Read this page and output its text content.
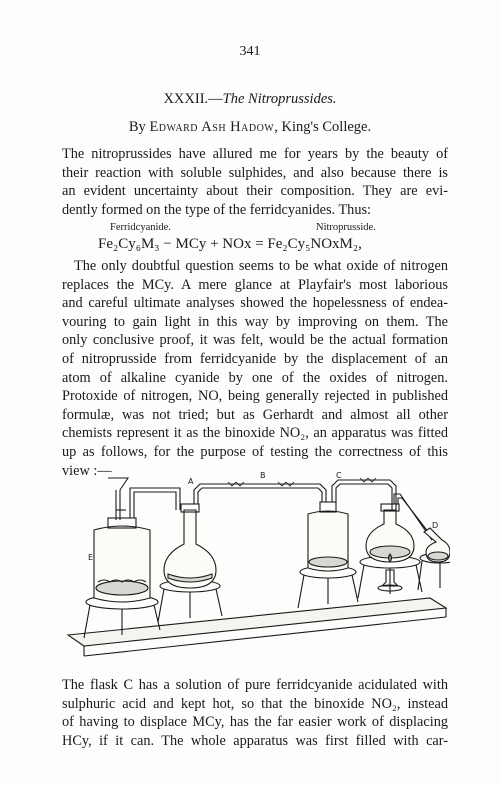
341
XXXII.—The Nitroprussides.
By Edward Ash Hadow, King's College.
The nitroprussides have allured me for years by the beauty of
their reaction with soluble sulphides, and also because there is
an evident uncertainty about their composition. They are evi-
dently formed on the type of the ferridcyanides. Thus:
Ferridcyanide.	Nitroprusside.
Fe₂Cy₆M₃ − MCy + NOx = Fe₂Cy₅NOxM₂,
The only doubtful question seems to be what oxide of nitrogen
replaces the MCy. A mere glance at Playfair's most laborious
and careful ultimate analyses showed the hopelessness of endea-
vouring to gain light in this way by improving on them. The
only conclusive proof, it was felt, would be the actual formation
of nitroprusside from ferridcyanide by the displacement of an
atom of alkaline cyanide by one of the oxides of nitrogen.
Protoxide of nitrogen, NO, being generally rejected in published
formulæ, was not tried; but as Gerhardt and almost all other
chemists represent it as the binoxide NO₂, an apparatus was fitted
up as follows, for the purpose of testing the correctness of this
view :—
A
B	C
D
E
The flask C has a solution of pure ferridcyanide acidulated with
sulphuric acid and kept hot, so that the binoxide NO₂, instead
of having to displace MCy, has the far easier work of displacing
HCy, if it can. The whole apparatus was first filled with car-
